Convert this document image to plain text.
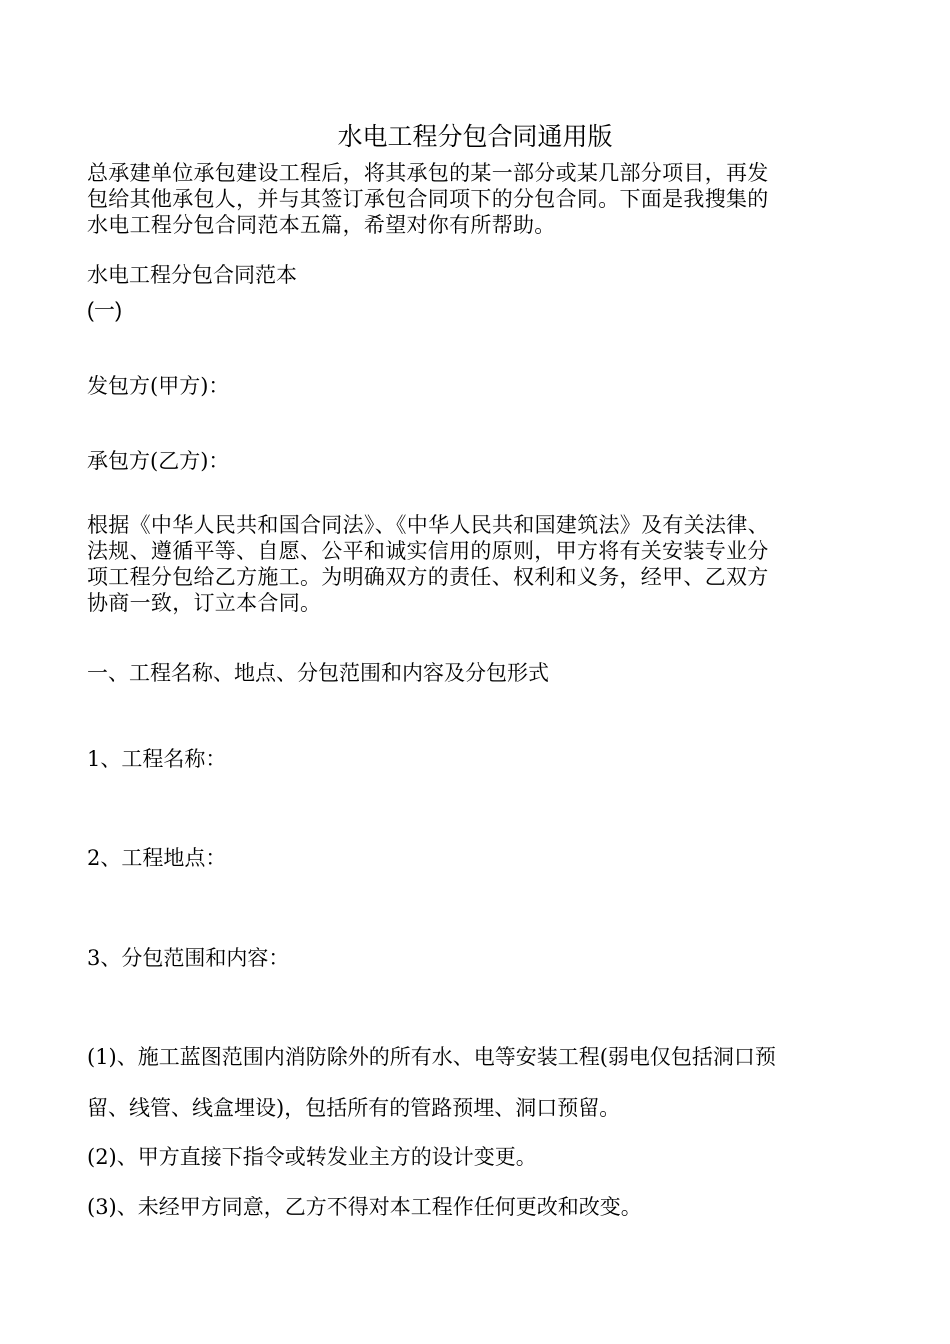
水电工程分包合同通用版
总承建单位承包建设工程后，将其承包的某一部分或某几部分项目，再发
包给其他承包人，并与其签订承包合同项下的分包合同。下面是我搜集的
水电工程分包合同范本五篇，希望对你有所帮助。
水电工程分包合同范本
(一)
发包方(甲方)：
承包方(乙方)：
根据《中华人民共和国合同法》、《中华人民共和国建筑法》及有关法律、
法规、遵循平等、自愿、公平和诚实信用的原则，甲方将有关安装专业分
项工程分包给乙方施工。为明确双方的责任、权利和义务，经甲、乙双方
协商一致，订立本合同。
一、工程名称、地点、分包范围和内容及分包形式
1、工程名称：
2、工程地点：
3、分包范围和内容：
(1)、施工蓝图范围内消防除外的所有水、电等安装工程(弱电仅包括洞口预
留、线管、线盒埋设)，包括所有的管路预埋、洞口预留。
(2)、甲方直接下指令或转发业主方的设计变更。
(3)、未经甲方同意，乙方不得对本工程作任何更改和改变。
